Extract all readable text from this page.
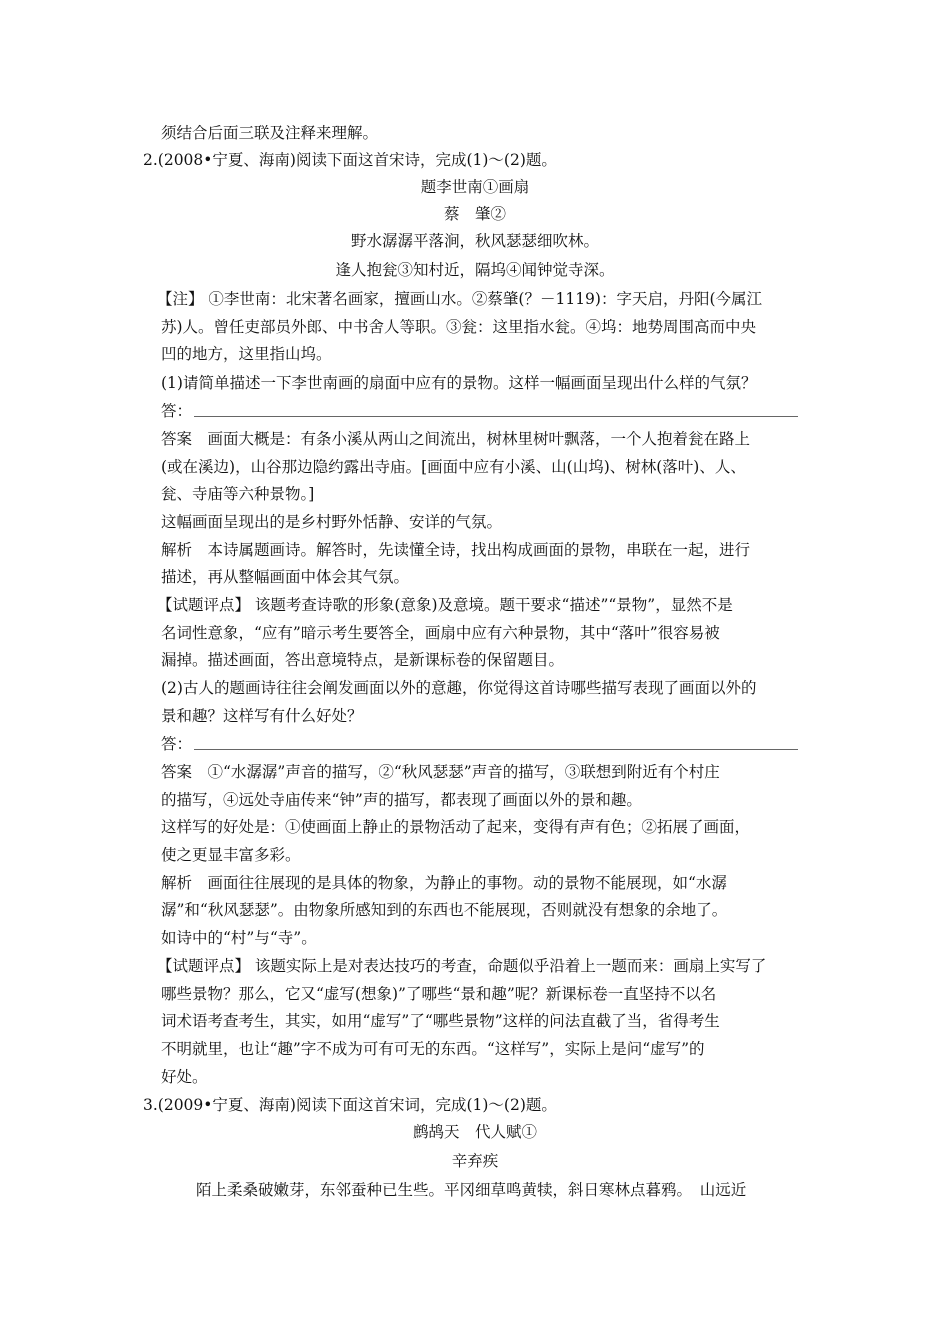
须结合后面三联及注释来理解。
2.(2008•宁夏、海南)阅读下面这首宋诗，完成(1)～(2)题。
题李世南①画扇
蔡　肇②
野水潺潺平落涧，秋风瑟瑟细吹林。
逢人抱瓮③知村近，隔坞④闻钟觉寺深。
【注】 ①李世南：北宋著名画家，擅画山水。②蔡肇(？－1119)：字天启，丹阳(今属江
苏)人。曾任吏部员外郎、中书舍人等职。③瓮：这里指水瓮。④坞：地势周围高而中央
凹的地方，这里指山坞。
(1)请简单描述一下李世南画的扇面中应有的景物。这样一幅画面呈现出什么样的气氛？
答：
答案　画面大概是：有条小溪从两山之间流出，树林里树叶飘落，一个人抱着瓮在路上
(或在溪边)，山谷那边隐约露出寺庙。[画面中应有小溪、山(山坞)、树林(落叶)、人、
瓮、寺庙等六种景物。]
这幅画面呈现出的是乡村野外恬静、安详的气氛。
解析　本诗属题画诗。解答时，先读懂全诗，找出构成画面的景物，串联在一起，进行
描述，再从整幅画面中体会其气氛。
【试题评点】 该题考查诗歌的形象(意象)及意境。题干要求“描述”“景物”，显然不是
名词性意象，“应有”暗示考生要答全，画扇中应有六种景物，其中“落叶”很容易被
漏掉。描述画面，答出意境特点，是新课标卷的保留题目。
(2)古人的题画诗往往会阐发画面以外的意趣，你觉得这首诗哪些描写表现了画面以外的
景和趣？这样写有什么好处？
答：
答案　①“水潺潺”声音的描写，②“秋风瑟瑟”声音的描写，③联想到附近有个村庄
的描写，④远处寺庙传来“钟”声的描写，都表现了画面以外的景和趣。
这样写的好处是：①使画面上静止的景物活动了起来，变得有声有色；②拓展了画面，
使之更显丰富多彩。
解析　画面往往展现的是具体的物象，为静止的事物。动的景物不能展现，如“水潺
潺”和“秋风瑟瑟”。由物象所感知到的东西也不能展现，否则就没有想象的余地了。
如诗中的“村”与“寺”。
【试题评点】 该题实际上是对表达技巧的考查，命题似乎沿着上一题而来：画扇上实写了
哪些景物？那么，它又“虚写(想象)”了哪些“景和趣”呢？新课标卷一直坚持不以名
词术语考查考生，其实，如用“虚写”了“哪些景物”这样的问法直截了当，省得考生
不明就里，也让“趣”字不成为可有可无的东西。“这样写”，实际上是问“虚写”的
好处。
3.(2009•宁夏、海南)阅读下面这首宋词，完成(1)～(2)题。
鹧鸪天　代人赋①
辛弃疾
陌上柔桑破嫩芽，东邻蚕种已生些。平冈细草鸣黄犊，斜日寒林点暮鸦。　山远近
